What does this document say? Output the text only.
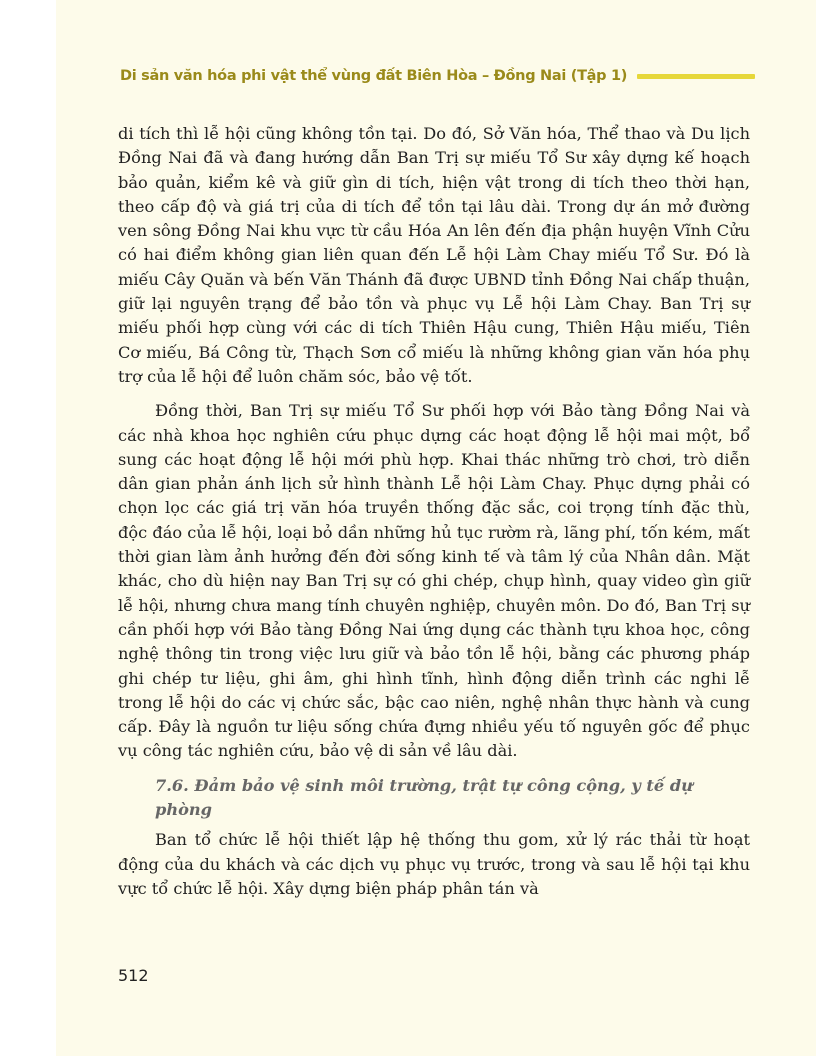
Di sản văn hóa phi vật thể vùng đất Biên Hòa – Đồng Nai (Tập 1)

di tích thì lễ hội cũng không tồn tại. Do đó, Sở Văn hóa, Thể thao và Du lịch Đồng Nai đã và đang hướng dẫn Ban Trị sự miếu Tổ Sư xây dựng kế hoạch bảo quản, kiểm kê và giữ gìn di tích, hiện vật trong di tích theo thời hạn, theo cấp độ và giá trị của di tích để tồn tại lâu dài. Trong dự án mở đường ven sông Đồng Nai khu vực từ cầu Hóa An lên đến địa phận huyện Vĩnh Cửu có hai điểm không gian liên quan đến Lễ hội Làm Chay miếu Tổ Sư. Đó là miếu Cây Quăn và bến Văn Thánh đã được UBND tỉnh Đồng Nai chấp thuận, giữ lại nguyên trạng để bảo tồn và phục vụ Lễ hội Làm Chay. Ban Trị sự miếu phối hợp cùng với các di tích Thiên Hậu cung, Thiên Hậu miếu, Tiên Cơ miếu, Bá Công từ, Thạch Sơn cổ miếu là những không gian văn hóa phụ trợ của lễ hội để luôn chăm sóc, bảo vệ tốt.

Đồng thời, Ban Trị sự miếu Tổ Sư phối hợp với Bảo tàng Đồng Nai và các nhà khoa học nghiên cứu phục dựng các hoạt động lễ hội mai một, bổ sung các hoạt động lễ hội mới phù hợp. Khai thác những trò chơi, trò diễn dân gian phản ánh lịch sử hình thành Lễ hội Làm Chay. Phục dựng phải có chọn lọc các giá trị văn hóa truyền thống đặc sắc, coi trọng tính đặc thù, độc đáo của lễ hội, loại bỏ dần những hủ tục rườm rà, lãng phí, tốn kém, mất thời gian làm ảnh hưởng đến đời sống kinh tế và tâm lý của Nhân dân. Mặt khác, cho dù hiện nay Ban Trị sự có ghi chép, chụp hình, quay video gìn giữ lễ hội, nhưng chưa mang tính chuyên nghiệp, chuyên môn. Do đó, Ban Trị sự cần phối hợp với Bảo tàng Đồng Nai ứng dụng các thành tựu khoa học, công nghệ thông tin trong việc lưu giữ và bảo tồn lễ hội, bằng các phương pháp ghi chép tư liệu, ghi âm, ghi hình tĩnh, hình động diễn trình các nghi lễ trong lễ hội do các vị chức sắc, bậc cao niên, nghệ nhân thực hành và cung cấp. Đây là nguồn tư liệu sống chứa đựng nhiều yếu tố nguyên gốc để phục vụ công tác nghiên cứu, bảo vệ di sản về lâu dài.

7.6. Đảm bảo vệ sinh môi trường, trật tự công cộng, y tế dự phòng

Ban tổ chức lễ hội thiết lập hệ thống thu gom, xử lý rác thải từ hoạt động của du khách và các dịch vụ phục vụ trước, trong và sau lễ hội tại khu vực tổ chức lễ hội. Xây dựng biện pháp phân tán và

512
